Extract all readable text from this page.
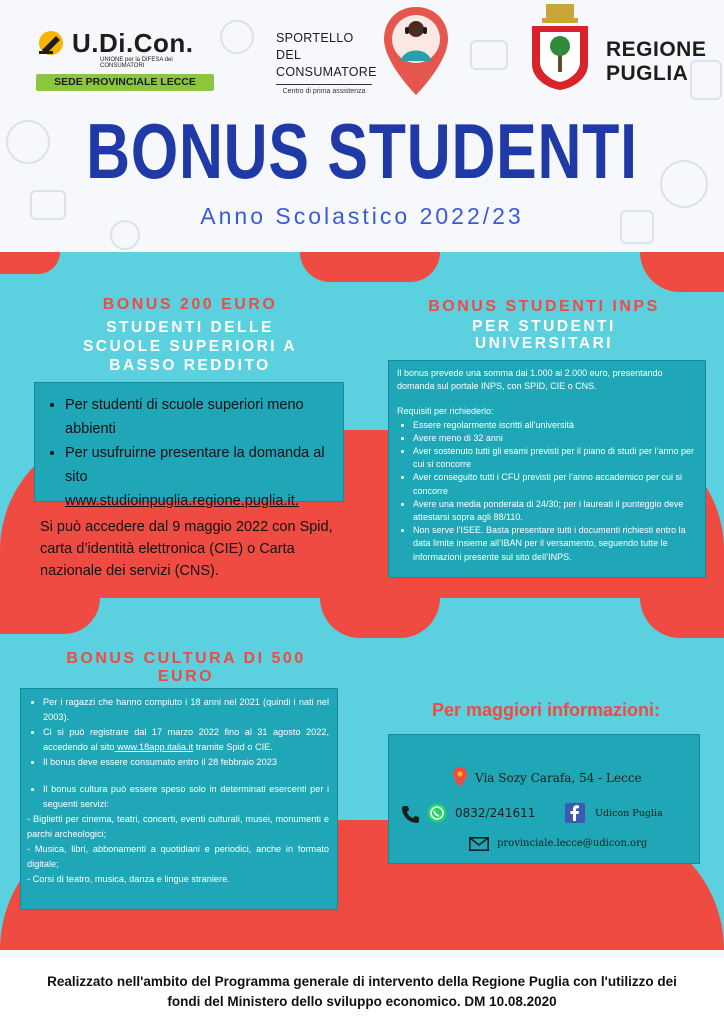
U.Di.Con.
UNIONE per la DIFESA dei CONSUMATORI
SEDE PROVINCIALE LECCE
SPORTELLO DEL
CONSUMATORE
Centro di prima assistenza
REGIONE
PUGLIA
BONUS STUDENTI
Anno Scolastico 2022/23
BONUS 200 EURO
STUDENTI DELLE
SCUOLE SUPERIORI A
BASSO REDDITO
• Per studenti di scuole superiori meno abbienti
• Per usufruirne presentare la domanda al sito
www.studioinpuglia.regione.puglia.it.
Si può accedere dal 9 maggio 2022 con Spid, carta d’identità elettronica (CIE) o Carta nazionale dei servizi (CNS).
BONUS STUDENTI INPS
PER STUDENTI
UNIVERSITARI
Il bonus prevede una somma dai 1.000 ai 2.000 euro, presentando domanda sul portale INPS, con SPID, CIE o CNS.
Requisiti per richiederlo:
• Essere regolarmente iscritti all’università
• Avere meno di 32 anni
• Aver sostenuto tutti gli esami previsti per il piano di studi per l’anno per cui si concorre
• Aver conseguito tutti i CFU previsti per l’anno accademico per cui si concorre
• Avere una media ponderata di 24/30; per i laureati il punteggio deve attestarsi sopra agli 88/110.
• Non serve l’ISEE. Basta presentare tutti i documenti richiesti entro la data limite insieme all’IBAN per il versamento, seguendo tutte le informazioni presente sul sito dell’INPS.
BONUS CULTURA DI 500
EURO
• Per i ragazzi che hanno compiuto i 18 anni nel 2021 (quindi i nati nel 2003).
• Ci si può registrare dal 17 marzo 2022 fino al 31 agosto 2022, accedendo al sito www.18app.italia.it tramite Spid o CIE.
• Il bonus deve essere consumato entro il 28 febbraio 2023
• Il bonus cultura può essere speso solo in determinati esercenti per i seguenti servizi:
- Biglietti per cinema, teatri, concerti, eventi culturali, musei, monumenti e parchi archeologici;
- Musica, libri, abbonamenti a quotidiani e periodici, anche in formato digitale;
- Corsi di teatro, musica, danza e lingue straniere.
Per maggiori informazioni:
Via Sozy Carafa, 54 - Lecce
0832/241611	Udicon Puglia
provinciale.lecce@udicon.org
Realizzato nell'ambito del Programma generale di intervento della Regione Puglia con l'utilizzo dei
fondi del Ministero dello sviluppo economico. DM 10.08.2020
